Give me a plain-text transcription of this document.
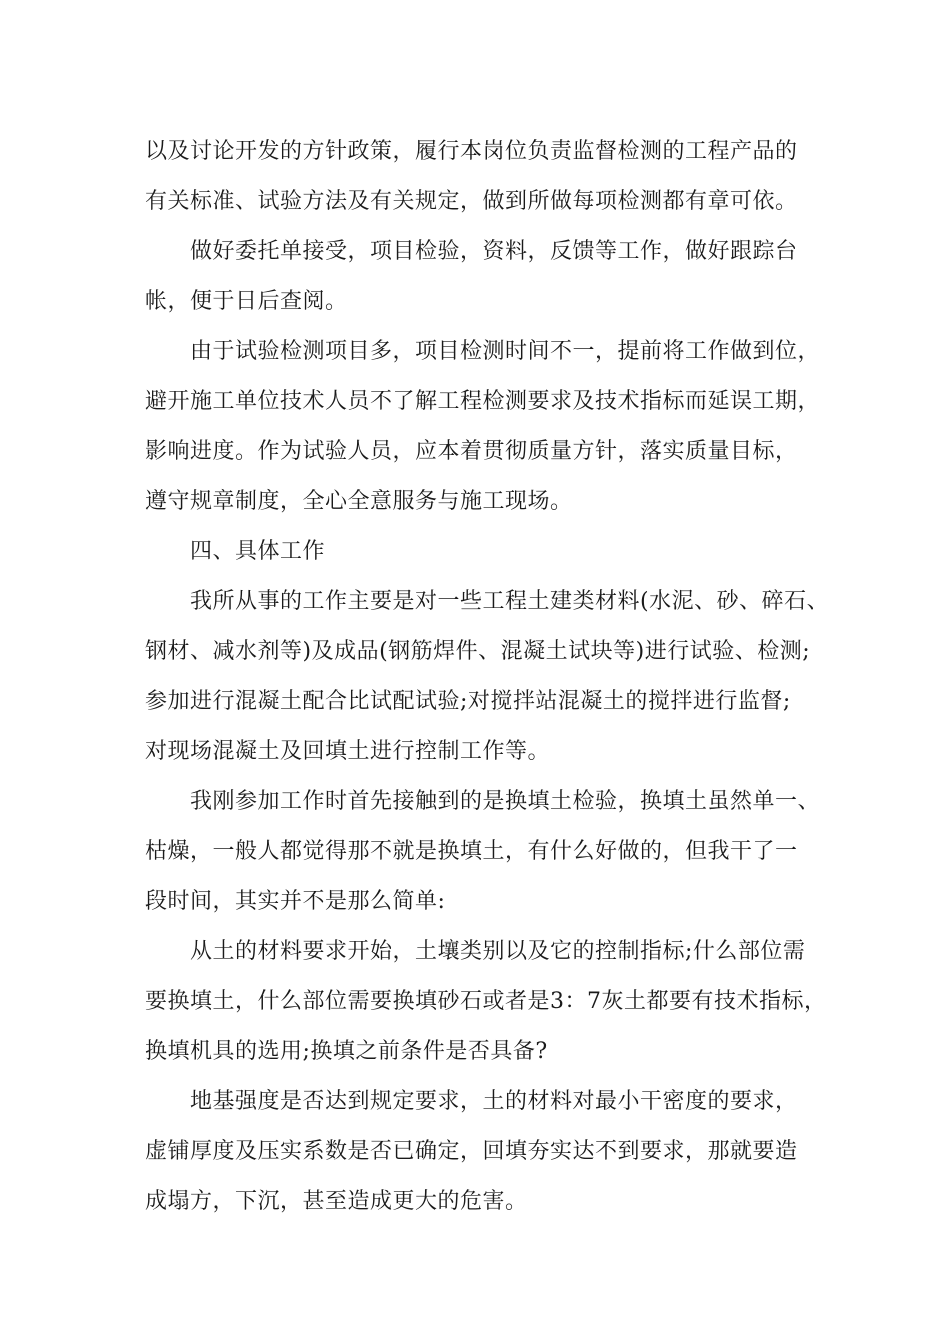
以及讨论开发的方针政策，履行本岗位负责监督检测的工程产品的

有关标准、试验方法及有关规定，做到所做每项检测都有章可依。

做好委托单接受，项目检验，资料，反馈等工作，做好跟踪台

帐，便于日后查阅。

由于试验检测项目多，项目检测时间不一，提前将工作做到位，

避开施工单位技术人员不了解工程检测要求及技术指标而延误工期，

影响进度。作为试验人员，应本着贯彻质量方针，落实质量目标，

遵守规章制度，全心全意服务与施工现场。

四、具体工作

我所从事的工作主要是对一些工程土建类材料(水泥、砂、碎石、

钢材、减水剂等)及成品(钢筋焊件、混凝土试块等)进行试验、检测;

参加进行混凝土配合比试配试验;对搅拌站混凝土的搅拌进行监督;

对现场混凝土及回填土进行控制工作等。

我刚参加工作时首先接触到的是换填土检验，换填土虽然单一、

枯燥，一般人都觉得那不就是换填土，有什么好做的，但我干了一

段时间，其实并不是那么简单:

从土的材料要求开始，土壤类别以及它的控制指标;什么部位需

要换填土，什么部位需要换填砂石或者是3：7灰土都要有技术指标，

换填机具的选用;换填之前条件是否具备?

地基强度是否达到规定要求，土的材料对最小干密度的要求，

虚铺厚度及压实系数是否已确定，回填夯实达不到要求，那就要造

成塌方，下沉，甚至造成更大的危害。
